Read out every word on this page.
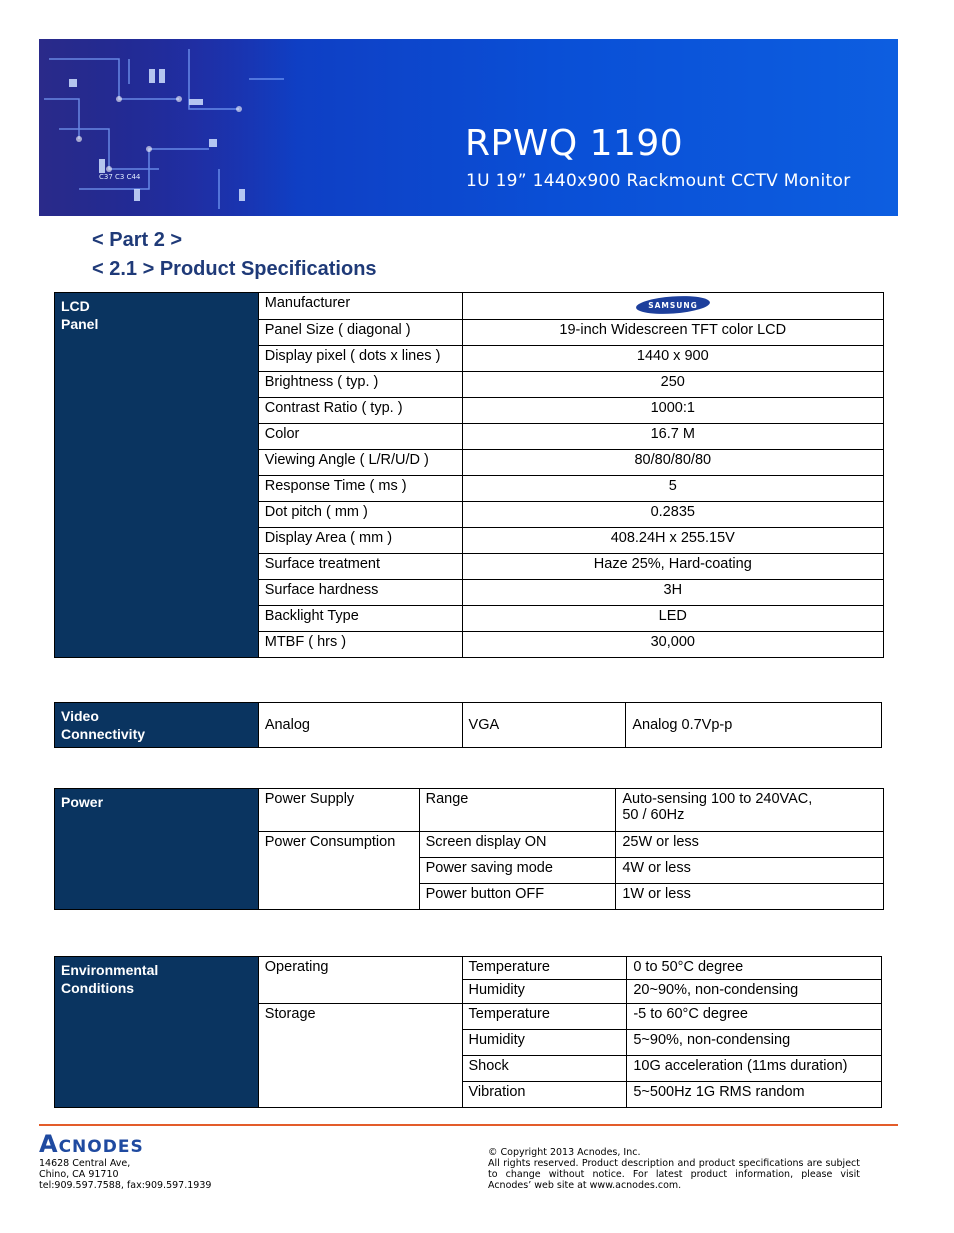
C37 C3 C44
RPWQ 1190
1U 19” 1440x900 Rackmount CCTV Monitor
< Part 2 >
< 2.1 > Product Specifications
LCD
Panel	Manufacturer	SAMSUNG

	Panel Size ( diagonal )	19-inch Widescreen TFT color LCD
	Display pixel ( dots x lines )	1440 x 900
	Brightness ( typ. )	250
	Contrast Ratio ( typ. )	1000:1
	Color	16.7 M
	Viewing Angle ( L/R/U/D )	80/80/80/80
	Response Time ( ms )	5
	Dot pitch ( mm )	0.2835
	Display Area ( mm )	408.24H x 255.15V
	Surface treatment	Haze 25%, Hard-coating
	Surface hardness	3H
	Backlight Type	LED
	MTBF ( hrs )	30,000
Video
Connectivity
	Analog	VGA	Analog 0.7Vp-p
Power	Power Supply	Range	Auto-sensing 100 to 240VAC,
50 / 60Hz

	Power Consumption	Screen display ON	25W or less
		Power saving mode	4W or less
		Power button OFF	1W or less
Environmental
Conditions	Operating	Temperature	0 to 50°C degree
		Humidity	20~90%, non-condensing
	Storage	Temperature	-5 to 60°C degree
		Humidity	5~90%, non-condensing
		Shock	10G acceleration (11ms duration)
		Vibration	5~500Hz 1G RMS random
Acnodes
14628 Central Ave,
Chino, CA 91710
tel:909.597.7588, fax:909.597.1939
© Copyright 2013 Acnodes, Inc.
All rights reserved. Product description and product specifications are subject to change without notice. For latest product information, please visit Acnodes’ web site at www.acnodes.com.
